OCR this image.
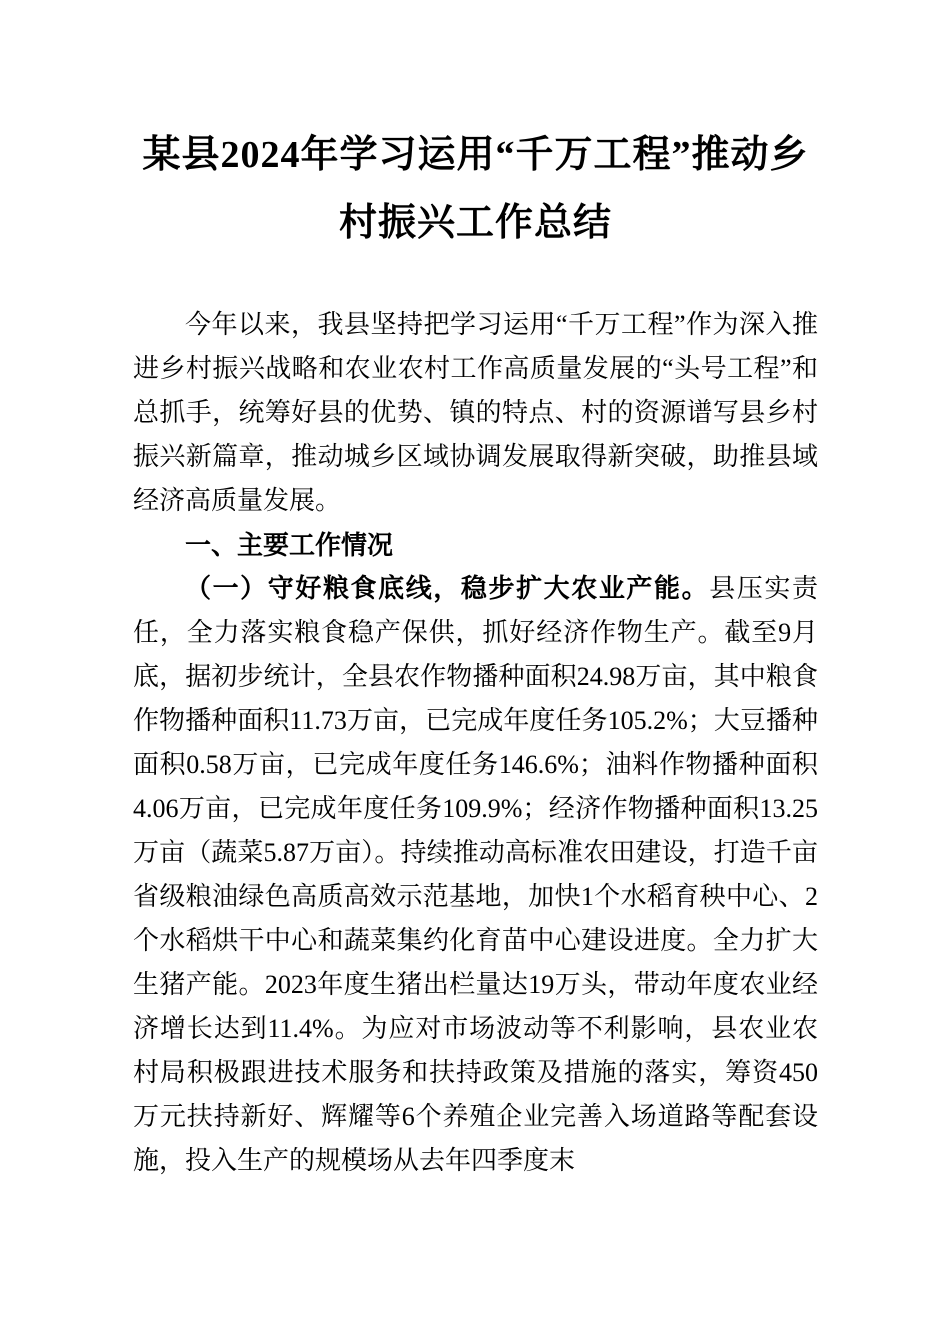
某县2024年学习运用“千万工程”推动乡村振兴工作总结

今年以来，我县坚持把学习运用“千万工程”作为深入推进乡村振兴战略和农业农村工作高质量发展的“头号工程”和总抓手，统筹好县的优势、镇的特点、村的资源谱写县乡村振兴新篇章，推动城乡区域协调发展取得新突破，助推县域经济高质量发展。

一、主要工作情况

（一）守好粮食底线，稳步扩大农业产能。县压实责任，全力落实粮食稳产保供，抓好经济作物生产。截至9月底，据初步统计，全县农作物播种面积24.98万亩，其中粮食作物播种面积11.73万亩，已完成年度任务105.2%；大豆播种面积0.58万亩，已完成年度任务146.6%；油料作物播种面积4.06万亩，已完成年度任务109.9%；经济作物播种面积13.25万亩（蔬菜5.87万亩）。持续推动高标准农田建设，打造千亩省级粮油绿色高质高效示范基地，加快1个水稻育秧中心、2个水稻烘干中心和蔬菜集约化育苗中心建设进度。全力扩大生猪产能。2023年度生猪出栏量达19万头，带动年度农业经济增长达到11.4%。为应对市场波动等不利影响，县农业农村局积极跟进技术服务和扶持政策及措施的落实，筹资450万元扶持新好、辉耀等6个养殖企业完善入场道路等配套设施，投入生产的规模场从去年四季度末
